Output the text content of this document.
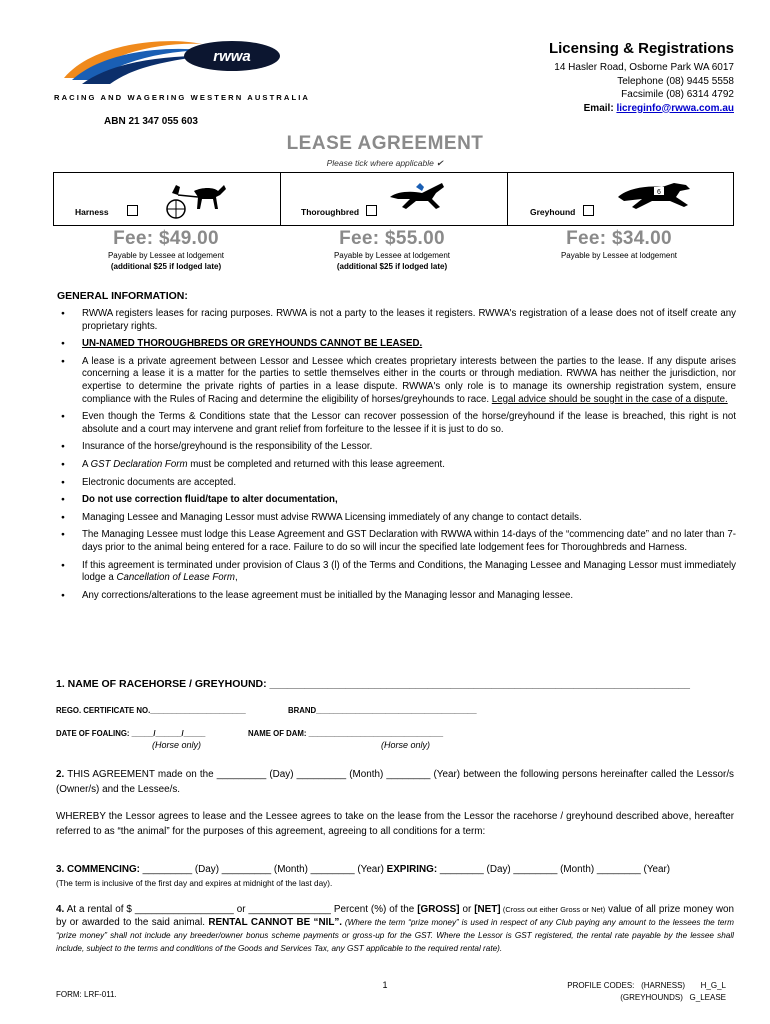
rwwa
RACING AND WAGERING WESTERN AUSTRALIA
ABN 21 347 055 603
Licensing & Registrations
14 Hasler Road, Osborne Park WA 6017
Telephone (08) 9445 5558
Facsimile (08) 6314 4792
Email: licreginfo@rwwa.com.au
LEASE AGREEMENT
Please tick where applicable ✔
Harness	Thoroughbred
6
Greyhound
Fee: $49.00
Payable by Lessee at lodgement
(additional $25 if lodged late)
Fee: $55.00
Payable by Lessee at lodgement
(additional $25 if lodged late)
Fee: $34.00
Payable by Lessee at lodgement
GENERAL INFORMATION:
● RWWA registers leases for racing purposes. RWWA is not a party to the leases it registers. RWWA's registration of a lease does not of itself create any proprietary rights.
● UN-NAMED THOROUGHBREDS OR GREYHOUNDS CANNOT BE LEASED.
● A lease is a private agreement between Lessor and Lessee which creates proprietary interests between the parties to the lease. If any dispute arises concerning a lease it is a matter for the parties to settle themselves either in the courts or through mediation. RWWA has neither the jurisdiction, nor expertise to determine the private rights of parties in a lease dispute. RWWA's only role is to manage its ownership registration system, ensure compliance with the Rules of Racing and determine the eligibility of horses/greyhounds to race. Legal advice should be sought in the case of a dispute.
● Even though the Terms & Conditions state that the Lessor can recover possession of the horse/greyhound if the lease is breached, this right is not absolute and a court may intervene and grant relief from forfeiture to the lessee if it is just to do so.
● Insurance of the horse/greyhound is the responsibility of the Lessor.
● A GST Declaration Form must be completed and returned with this lease agreement.
● Electronic documents are accepted.
● Do not use correction fluid/tape to alter documentation,
● Managing Lessee and Managing Lessor must advise RWWA Licensing immediately of any change to contact details.
● The Managing Lessee must lodge this Lease Agreement and GST Declaration with RWWA within 14-days of the “commencing date” and no later than 7-days prior to the animal being entered for a race. Failure to do so will incur the specified late lodgement fees for Thoroughbreds and Harness.
● If this agreement is terminated under provision of Claus 3 (l) of the Terms and Conditions, the Managing Lessee and Managing Lessor must immediately lodge a Cancellation of Lease Form,
● Any corrections/alterations to the lease agreement must be initialled by the Managing lessor and Managing lessee.
1. NAME OF RACEHORSE / GREYHOUND: ________________________________________________________________________
REGO. CERTIFICATE NO.______________________	BRAND_____________________________________
DATE OF FOALING: _____/______/_____	NAME OF DAM: _______________________________
(Horse only)	(Horse only)
2. THIS AGREEMENT made on the _________ (Day) _________ (Month) ________ (Year) between the following persons hereinafter called the Lessor/s (Owner/s) and the Lessee/s.
WHEREBY the Lessor agrees to lease and the Lessee agrees to take on the lease from the Lessor the racehorse / greyhound described above, hereafter referred to as “the animal” for the purposes of this agreement, agreeing to all conditions for a term:
3. COMMENCING: _________ (Day) _________ (Month) ________ (Year) EXPIRING: ________ (Day) ________ (Month) ________ (Year)
(The term is inclusive of the first day and expires at midnight of the last day).
4. At a rental of $ __________________ or _______________ Percent (%) of the [GROSS] or [NET] (Cross out either Gross or Net) value of all prize money won by or awarded to the said animal. RENTAL CANNOT BE “NIL”. (Where the term “prize money” is used in respect of any Club paying any amount to the lessees the term “prize money” shall not include any breeder/owner bonus scheme payments or gross-up for the GST. Where the Lessor is GST registered, the rental rate payable by the lessee shall include, subject to the terms and conditions of the Goods and Services Tax, any GST applicable to the required rental rate).
1
FORM: LRF-011.
PROFILE CODES: (HARNESS) H_G_L
(GREYHOUNDS) G_LEASE
